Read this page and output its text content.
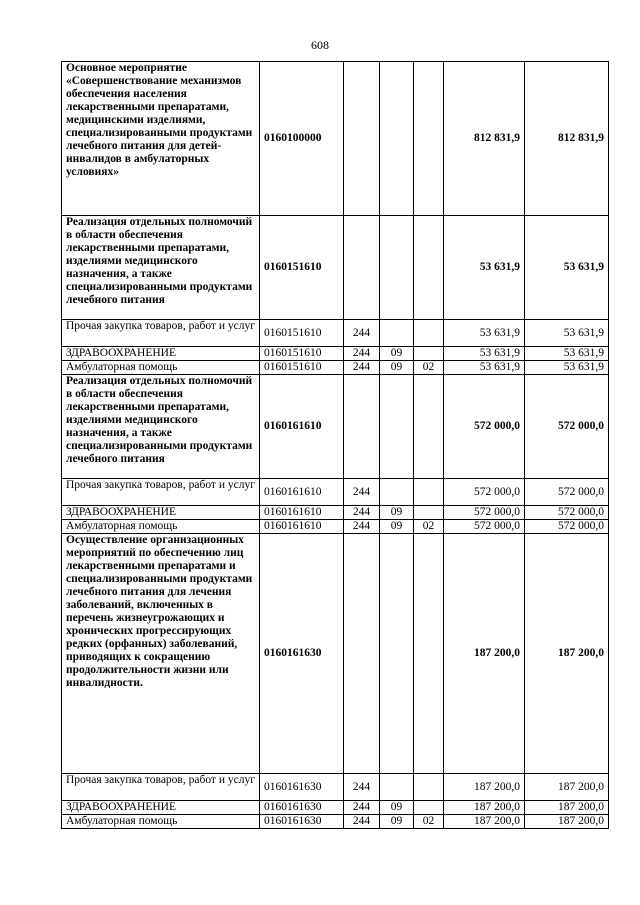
608
Основное мероприятие «Совершенствование механизмов обеспечения населения лекарственными препаратами, медицинскими изделиями, специализированными продуктами лечебного питания для детей-инвалидов в амбулаторных условиях»	0160100000				812 831,9	812 831,9
Реализация отдельных полномочий в области обеспечения лекарственными препаратами, изделиями медицинского назначения, а также специализированными продуктами лечебного питания	0160151610				53 631,9	53 631,9
Прочая закупка товаров, работ и услуг	0160151610	244			53 631,9	53 631,9
ЗДРАВООХРАНЕНИЕ	0160151610	244	09		53 631,9	53 631,9
Амбулаторная помощь	0160151610	244	09	02	53 631,9	53 631,9
Реализация отдельных полномочий в области обеспечения лекарственными препаратами, изделиями медицинского назначения, а также специализированными продуктами лечебного питания	0160161610				572 000,0	572 000,0
Прочая закупка товаров, работ и услуг	0160161610	244			572 000,0	572 000,0
ЗДРАВООХРАНЕНИЕ	0160161610	244	09		572 000,0	572 000,0
Амбулаторная помощь	0160161610	244	09	02	572 000,0	572 000,0
Осуществление организационных мероприятий по обеспечению лиц лекарственными препаратами и специализированными продуктами лечебного питания для лечения заболеваний, включенных в перечень жизнеугрожающих и хронических прогрессирующих редких (орфанных) заболеваний, приводящих к сокращению продолжительности жизни или инвалидности.	0160161630				187 200,0	187 200,0
Прочая закупка товаров, работ и услуг	0160161630	244			187 200,0	187 200,0
ЗДРАВООХРАНЕНИЕ	0160161630	244	09		187 200,0	187 200,0
Амбулаторная помощь	0160161630	244	09	02	187 200,0	187 200,0
